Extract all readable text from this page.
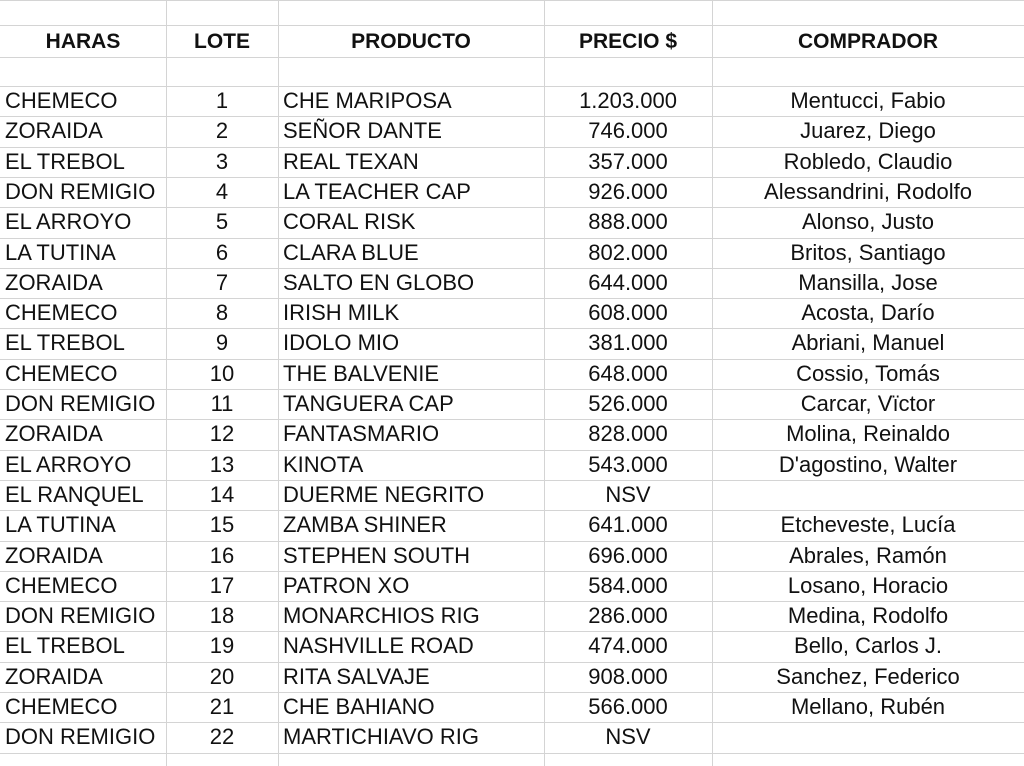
HARAS	LOTE	PRODUCTO	PRECIO $	COMPRADOR
CHEMECO	1	CHE MARIPOSA	1.203.000	Mentucci, Fabio
ZORAIDA	2	SEÑOR DANTE	746.000	Juarez, Diego
EL TREBOL	3	REAL TEXAN	357.000	Robledo, Claudio
DON REMIGIO	4	LA TEACHER CAP	926.000	Alessandrini, Rodolfo
EL ARROYO	5	CORAL RISK	888.000	Alonso, Justo
LA TUTINA	6	CLARA BLUE	802.000	Britos, Santiago
ZORAIDA	7	SALTO EN GLOBO	644.000	Mansilla, Jose
CHEMECO	8	IRISH MILK	608.000	Acosta, Darío
EL TREBOL	9	IDOLO MIO	381.000	Abriani, Manuel
CHEMECO	10	THE BALVENIE	648.000	Cossio, Tomás
DON REMIGIO	11	TANGUERA CAP	526.000	Carcar, Vïctor
ZORAIDA	12	FANTASMARIO	828.000	Molina, Reinaldo
EL ARROYO	13	KINOTA	543.000	D'agostino, Walter
EL RANQUEL	14	DUERME NEGRITO	NSV
LA TUTINA	15	ZAMBA SHINER	641.000	Etcheveste, Lucía
ZORAIDA	16	STEPHEN SOUTH	696.000	Abrales, Ramón
CHEMECO	17	PATRON XO	584.000	Losano, Horacio
DON REMIGIO	18	MONARCHIOS RIG	286.000	Medina, Rodolfo
EL TREBOL	19	NASHVILLE ROAD	474.000	Bello, Carlos J.
ZORAIDA	20	RITA SALVAJE	908.000	Sanchez, Federico
CHEMECO	21	CHE BAHIANO	566.000	Mellano, Rubén
DON REMIGIO	22	MARTICHIAVO RIG	NSV
